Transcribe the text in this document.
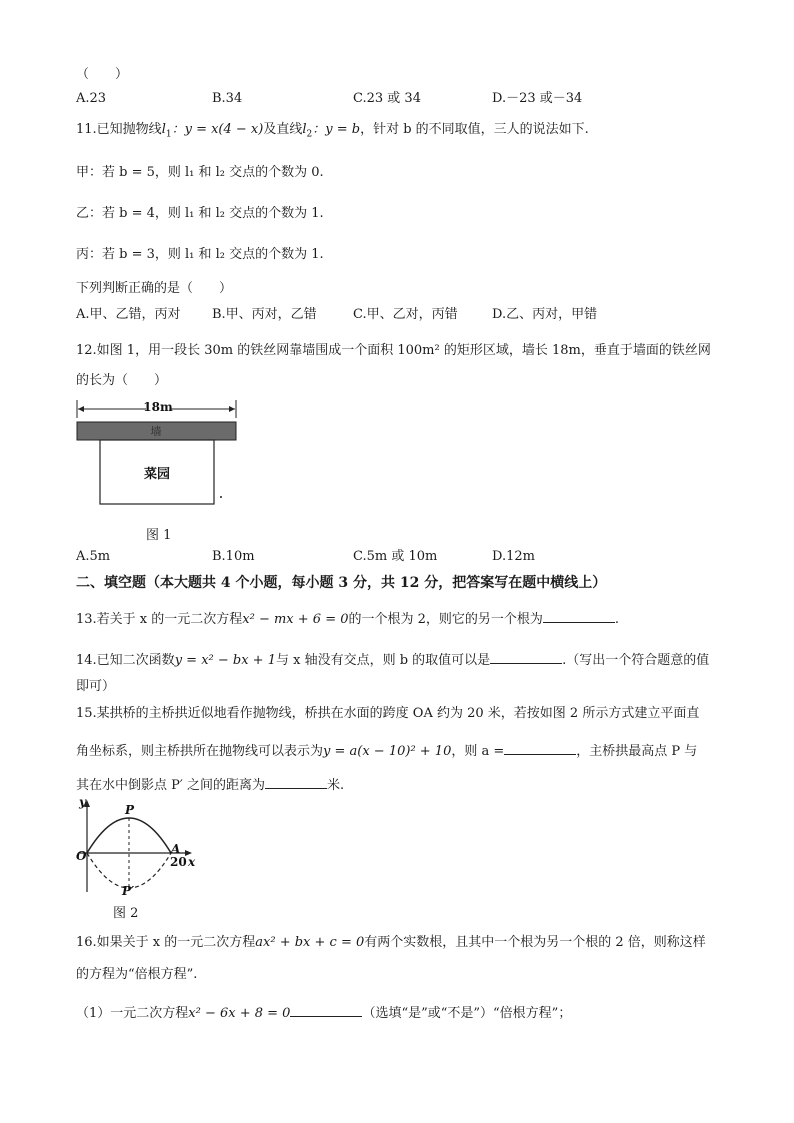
（　　）
A.23	B.34	C.23 或 34	D.－23 或－34
11.已知抛物线$l_1$：y = x(4 − x)及直线$l_2$：y = b，针对 b 的不同取值，三人的说法如下.
甲：若 b = 5，则 l₁ 和 l₂ 交点的个数为 0.
乙：若 b = 4，则 l₁ 和 l₂ 交点的个数为 1.
丙：若 b = 3，则 l₁ 和 l₂ 交点的个数为 1.
下列判断正确的是（　　）
A.甲、乙错，丙对 B.甲、丙对，乙错	C.甲、乙对，丙错	D.乙、丙对，甲错
12.如图 1，用一段长 30m 的铁丝网靠墙围成一个面积 100m² 的矩形区域，墙长 18m，垂直于墙面的铁丝网
的长为（　　）
18m
墙
菜园
图 1
A.5m	B.10m	C.5m 或 10m	D.12m
二、填空题（本大题共 4 个小题，每小题 3 分，共 12 分，把答案写在题中横线上）
13.若关于 x 的一元二次方程x² − mx + 6 = 0的一个根为 2，则它的另一个根为	.
14.已知二次函数y = x² − bx + 1与 x 轴没有交点，则 b 的取值可以是	.（写出一个符合题意的值
即可）
15.某拱桥的主桥拱近似地看作抛物线，桥拱在水面的跨度 OA 约为 20 米，若按如图 2 所示方式建立平面直
角坐标系，则主桥拱所在抛物线可以表示为y = a(x − 10)² + 10，则 a =	，主桥拱最高点 P 与
其在水中倒影点 P′ 之间的距离为	米.
y
x
O	A
20
P
P′
图 2
16.如果关于 x 的一元二次方程ax² + bx + c = 0有两个实数根，且其中一个根为另一个根的 2 倍，则称这样
的方程为“倍根方程”.
（1）一元二次方程x² − 6x + 8 = 0	（选填“是”或“不是”）“倍根方程”；
